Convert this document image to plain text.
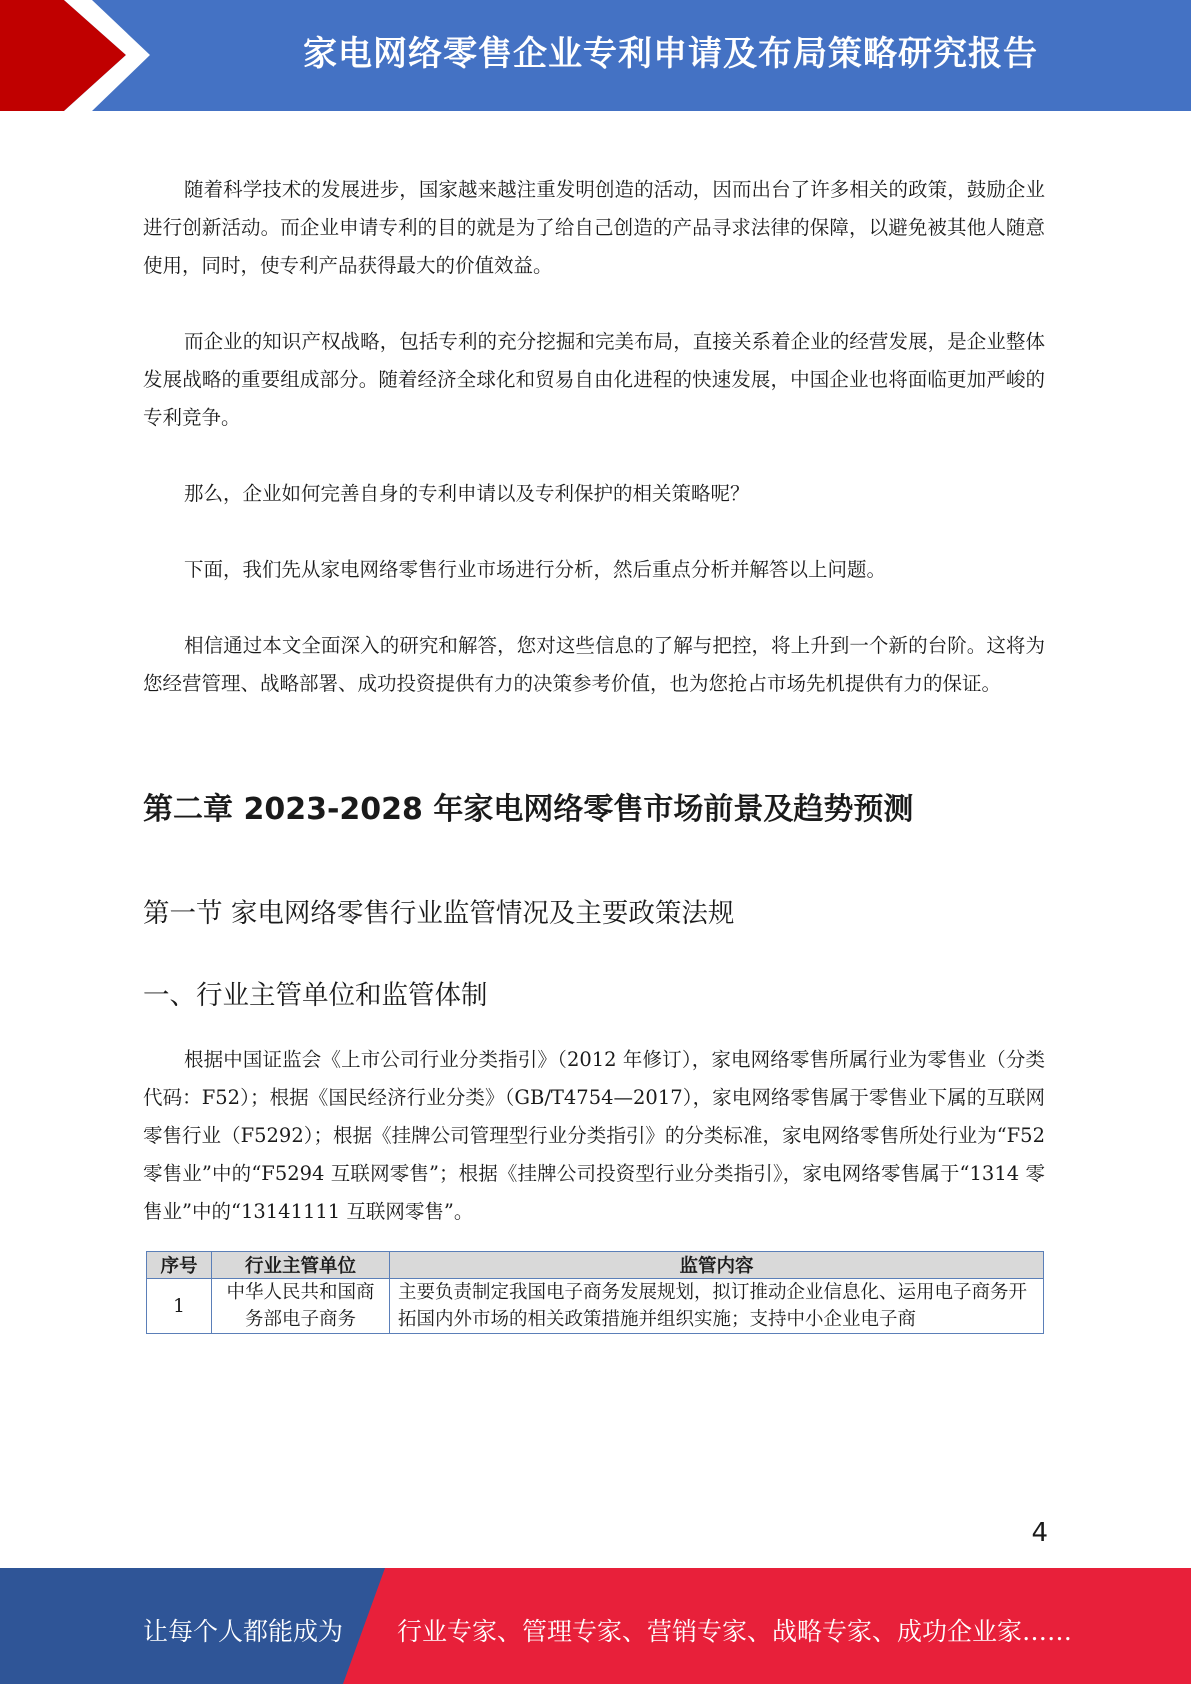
家电网络零售企业专利申请及布局策略研究报告

随着科学技术的发展进步，国家越来越注重发明创造的活动，因而出台了许多相关的政策，鼓励企业进行创新活动。而企业申请专利的目的就是为了给自己创造的产品寻求法律的保障，以避免被其他人随意使用，同时，使专利产品获得最大的价值效益。

而企业的知识产权战略，包括专利的充分挖掘和完美布局，直接关系着企业的经营发展，是企业整体发展战略的重要组成部分。随着经济全球化和贸易自由化进程的快速发展，中国企业也将面临更加严峻的专利竞争。

那么，企业如何完善自身的专利申请以及专利保护的相关策略呢？

下面，我们先从家电网络零售行业市场进行分析，然后重点分析并解答以上问题。

相信通过本文全面深入的研究和解答，您对这些信息的了解与把控，将上升到一个新的台阶。这将为您经营管理、战略部署、成功投资提供有力的决策参考价值，也为您抢占市场先机提供有力的保证。

第二章 2023-2028 年家电网络零售市场前景及趋势预测
第一节 家电网络零售行业监管情况及主要政策法规
一、行业主管单位和监管体制

根据中国证监会《上市公司行业分类指引》（2012 年修订），家电网络零售所属行业为零售业（分类代码：F52）；根据《国民经济行业分类》（GB/T4754—2017），家电网络零售属于零售业下属的互联网零售行业（F5292）；根据《挂牌公司管理型行业分类指引》的分类标准，家电网络零售所处行业为“F52 零售业”中的“F5294 互联网零售”；根据《挂牌公司投资型行业分类指引》，家电网络零售属于“1314 零售业”中的“13141111 互联网零售”。

序号	行业主管单位	监管内容
1	中华人民共和国商务部电子商务	主要负责制定我国电子商务发展规划，拟订推动企业信息化、运用电子商务开拓国内外市场的相关政策措施并组织实施；支持中小企业电子商
4
让每个人都能成为 行业专家、管理专家、营销专家、战略专家、成功企业家……
